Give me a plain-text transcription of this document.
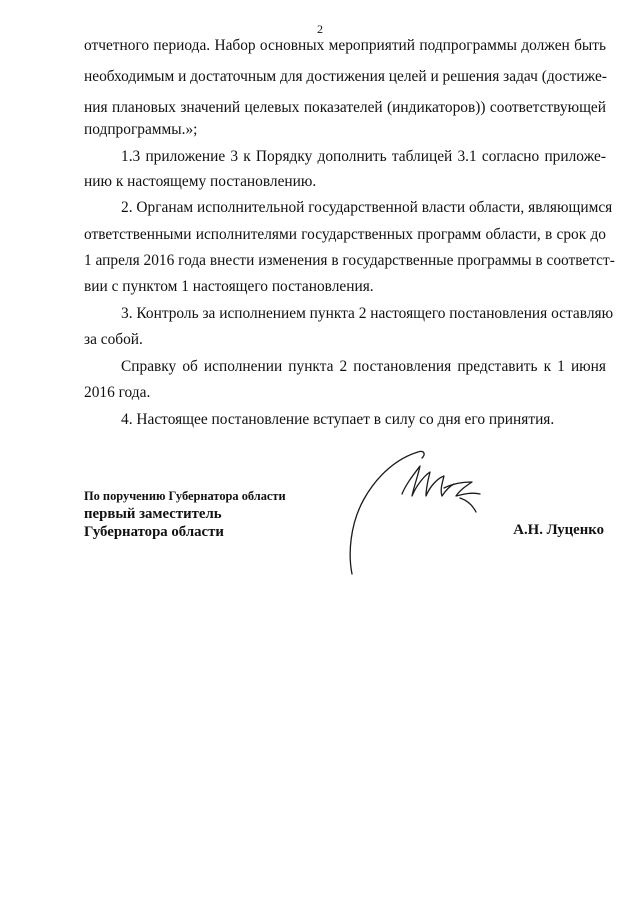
2
отчетного периода. Набор основных мероприятий подпрограммы должен быть
необходимым и достаточным для достижения целей и решения задач (достиже-
ния плановых значений целевых показателей (индикаторов)) соответствующей
подпрограммы.»;
1.3 приложение 3 к Порядку дополнить таблицей 3.1 согласно приложе-
нию к настоящему постановлению.
2. Органам исполнительной государственной власти области, являющимся
ответственными исполнителями государственных программ области, в срок до
1 апреля 2016 года внести изменения в государственные программы в соответст-
вии с пунктом 1 настоящего постановления.
3. Контроль за исполнением пункта 2 настоящего постановления оставляю
за собой.
Справку об исполнении пункта 2 постановления представить к 1 июня
2016 года.
4. Настоящее постановление вступает в силу со дня его принятия.
По поручению Губернатора области
первый заместитель
Губернатора области	А.Н. Луценко
